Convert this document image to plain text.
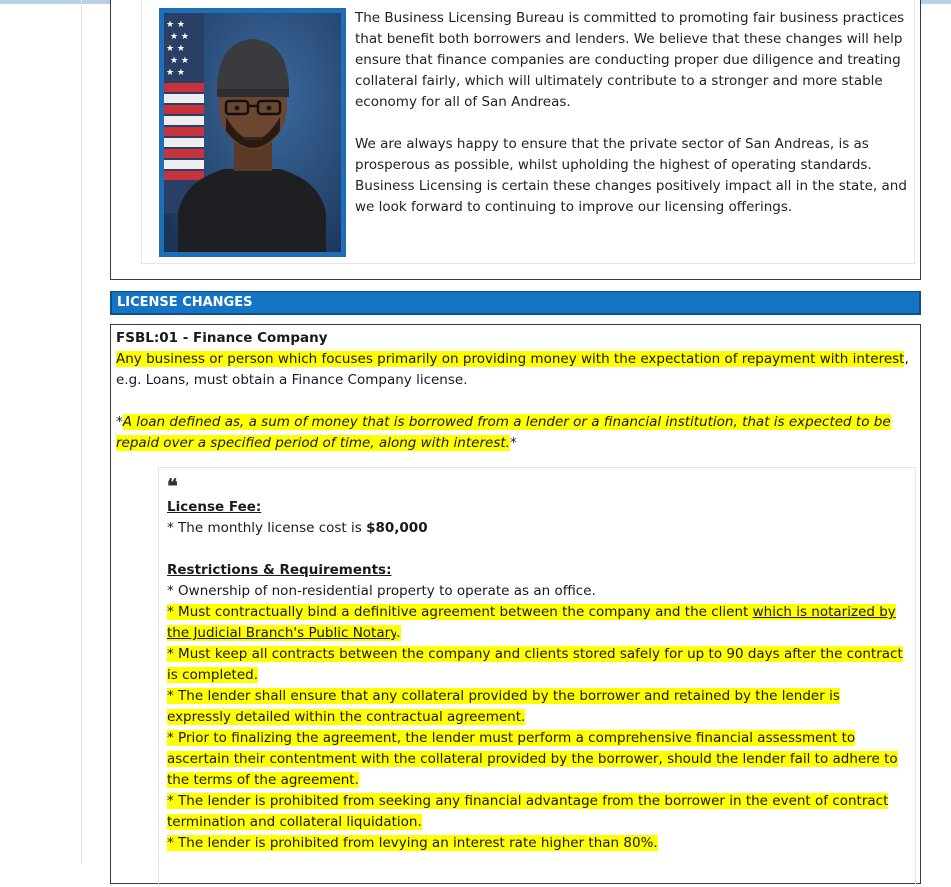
★ ★
★ ★
★ ★
★ ★
★ ★

The Business Licensing Bureau is committed to promoting fair business practices that benefit both borrowers and lenders. We believe that these changes will help ensure that finance companies are conducting proper due diligence and treating collateral fairly, which will ultimately contribute to a stronger and more stable economy for all of San Andreas.

We are always happy to ensure that the private sector of San Andreas, is as prosperous as possible, whilst upholding the highest of operating standards. Business Licensing is certain these changes positively impact all in the state, and we look forward to continuing to improve our licensing offerings.

LICENSE CHANGES
FSBL:01 - Finance Company
Any business or person which focuses primarily on providing money with the expectation of repayment with interest, e.g. Loans, must obtain a Finance Company license.
*A loan defined as, a sum of money that is borrowed from a lender or a financial institution, that is expected to be repaid over a specified period of time, along with interest.*
❝
License Fee:
* The monthly license cost is $80,000
Restrictions & Requirements:
* Ownership of non-residential property to operate as an office.
* Must contractually bind a definitive agreement between the company and the client which is notarized by the Judicial Branch's Public Notary.
* Must keep all contracts between the company and clients stored safely for up to 90 days after the contract is completed.
* The lender shall ensure that any collateral provided by the borrower and retained by the lender is expressly detailed within the contractual agreement.
* Prior to finalizing the agreement, the lender must perform a comprehensive financial assessment to ascertain their contentment with the collateral provided by the borrower, should the lender fail to adhere to the terms of the agreement.
* The lender is prohibited from seeking any financial advantage from the borrower in the event of contract termination and collateral liquidation.
* The lender is prohibited from levying an interest rate higher than 80%.
